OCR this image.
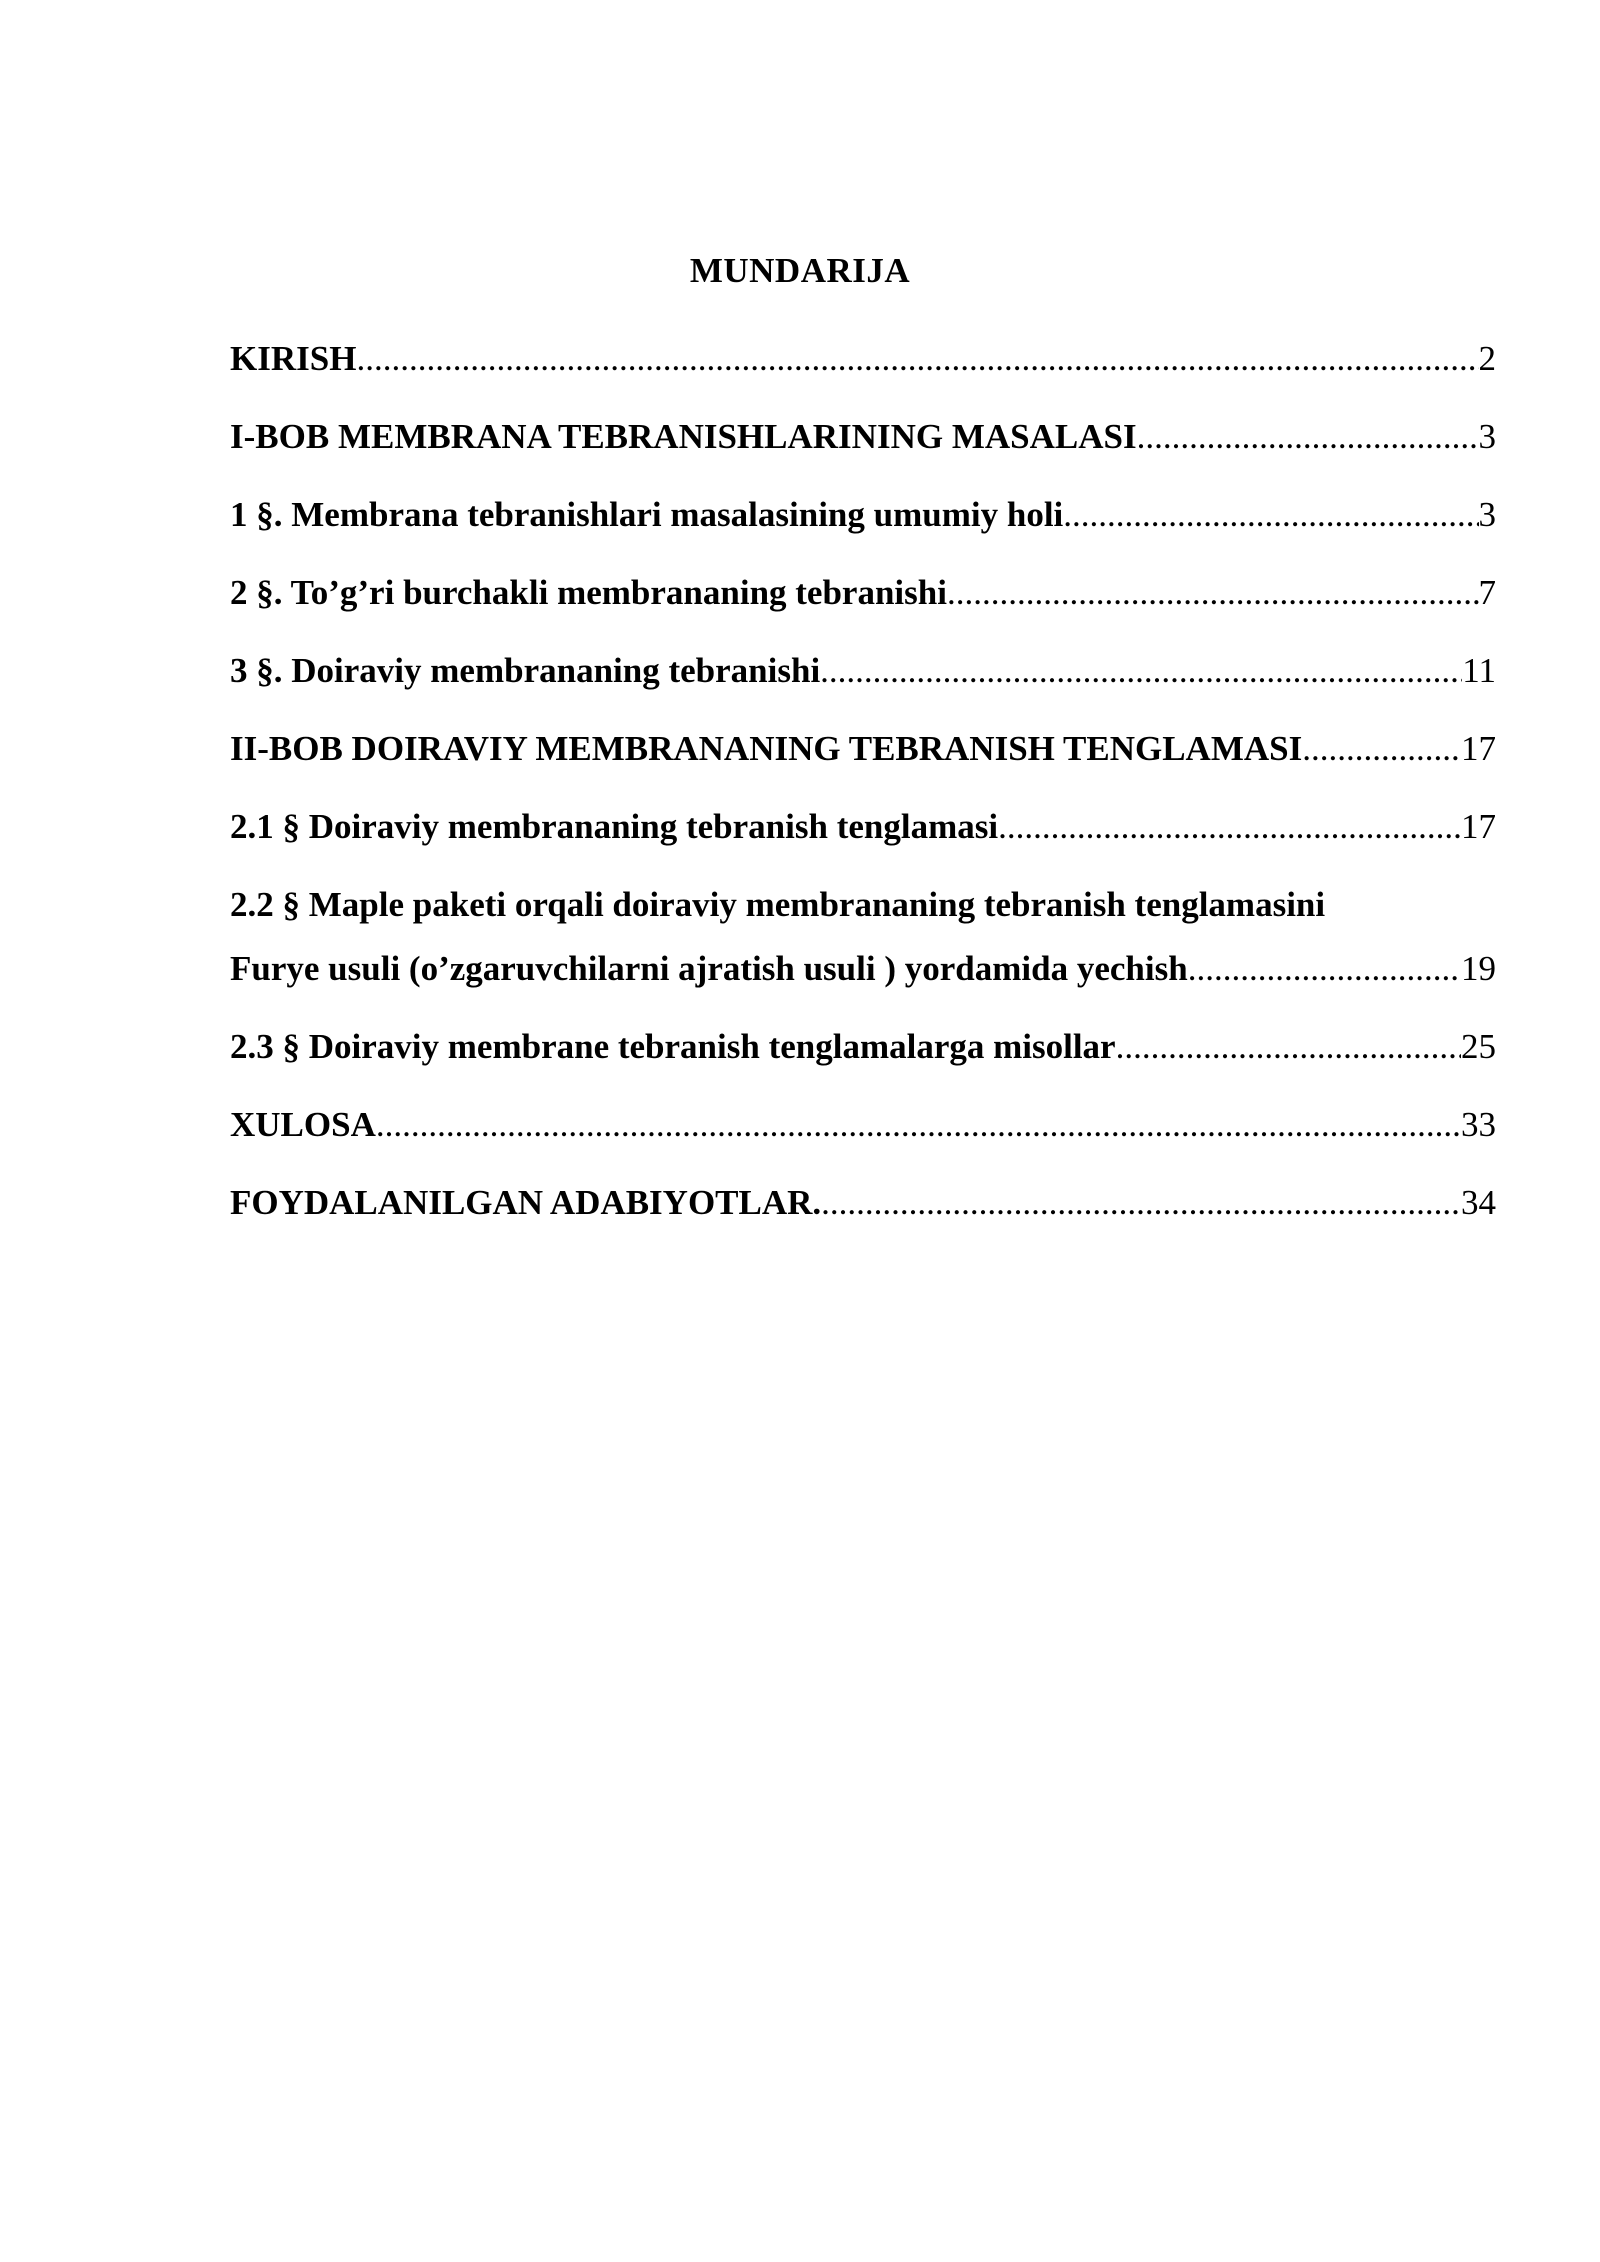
MUNDARIJA
KIRISH .....	2
I-BOB MEMBRANA TEBRANISHLARINING MASALASI .....	3
1 §. Membrana tebranishlari masalasining umumiy holi .....	3
2 §. To’g’ri burchakli membrananing tebranishi .....	7
3 §. Doiraviy membrananing tebranishi .....	11
II-BOB DOIRAVIY MEMBRANANING TEBRANISH TENGLAMASI .....	17
2.1 § Doiraviy membrananing tebranish tenglamasi .....	17
2.2 § Maple paketi orqali doiraviy membrananing tebranish tenglamasini
Furye usuli (o’zgaruvchilarni ajratish usuli ) yordamida yechish .....	19
2.3 § Doiraviy membrane tebranish tenglamalarga misollar .....	25
XULOSA .....	33
FOYDALANILGAN ADABIYOTLAR. .....	34
